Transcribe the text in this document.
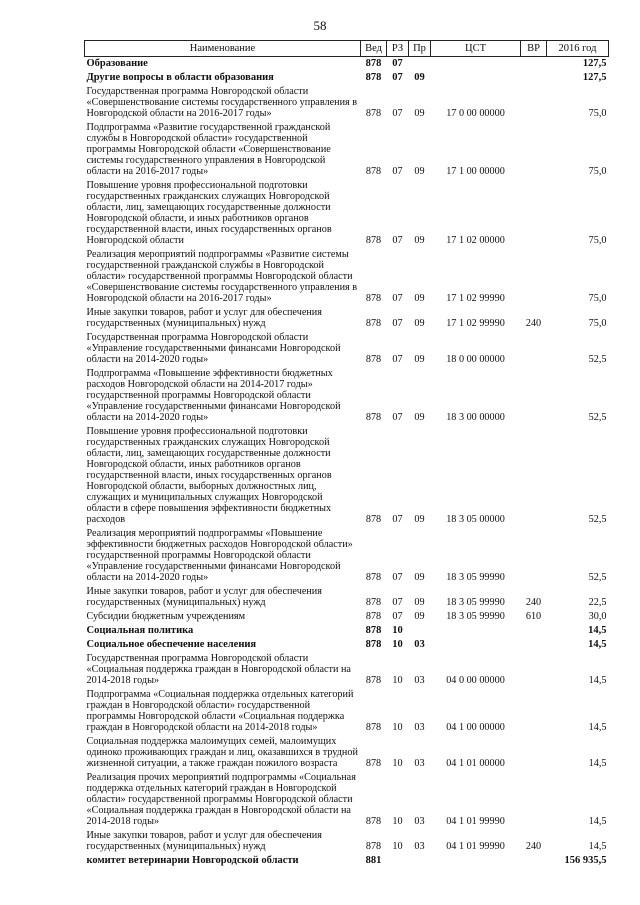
58
Наименование	Вед	РЗ	Пр	ЦСТ	ВР	2016 год
Образование	878	07				127,5
Другие вопросы в области образования	878	07	09			127,5
Государственная программа Новгородской области «Совершенствование системы государственного управления в Новгородской области на 2016-2017 годы»	878	07	09	17 0 00 00000		75,0
Подпрограмма «Развитие государственной гражданской службы в Новгородской области» государственной программы Новгородской области «Совершенствование системы государственного управления в Новгородской области на 2016-2017 годы»	878	07	09	17 1 00 00000		75,0
Повышение уровня профессиональной подготовки государственных гражданских служащих Новгородской области, лиц, замещающих государственные должности Новгородской области, и иных работников органов государственной власти, иных государственных органов Новгородской области	878	07	09	17 1 02 00000		75,0
Реализация мероприятий подпрограммы «Развитие системы государственной гражданской службы в Новгородской области» государственной программы Новгородской области «Совершенствование системы государственного управления в Новгородской области на 2016-2017 годы»	878	07	09	17 1 02 99990		75,0
Иные закупки товаров, работ и услуг для обеспечения государственных (муниципальных) нужд	878	07	09	17 1 02 99990	240	75,0
Государственная программа Новгородской области «Управление государственными финансами Новгородской области на 2014-2020 годы»	878	07	09	18 0 00 00000		52,5
Подпрограмма «Повышение эффективности бюджетных расходов Новгородской области на 2014-2017 годы» государственной программы Новгородской области «Управление государственными финансами Новгородской области на 2014-2020 годы»	878	07	09	18 3 00 00000		52,5
Повышение уровня профессиональной подготовки государственных гражданских служащих Новгородской области, лиц, замещающих государственные должности Новгородской области, иных работников органов государственной власти, иных государственных органов Новгородской области, выборных должностных лиц, служащих и муниципальных служащих Новгородской области в сфере повышения эффективности бюджетных расходов	878	07	09	18 3 05 00000		52,5
Реализация мероприятий подпрограммы «Повышение эффективности бюджетных расходов Новгородской области» государственной программы Новгородской области «Управление государственными финансами Новгородской области на 2014-2020 годы»	878	07	09	18 3 05 99990		52,5
Иные закупки товаров, работ и услуг для обеспечения государственных (муниципальных) нужд	878	07	09	18 3 05 99990	240	22,5
Субсидии бюджетным учреждениям	878	07	09	18 3 05 99990	610	30,0
Социальная политика	878	10				14,5
Социальное обеспечение населения	878	10	03			14,5
Государственная программа Новгородской области «Социальная поддержка граждан в Новгородской области на 2014-2018 годы»	878	10	03	04 0 00 00000		14,5
Подпрограмма «Социальная поддержка отдельных категорий граждан в Новгородской области» государственной программы Новгородской области «Социальная поддержка граждан в Новгородской области на 2014-2018 годы»	878	10	03	04 1 00 00000		14,5
Социальная поддержка малоимущих семей, малоимущих одиноко проживающих граждан и лиц, оказавшихся в трудной жизненной ситуации, а также граждан пожилого возраста	878	10	03	04 1 01 00000		14,5
Реализация прочих мероприятий подпрограммы «Социальная поддержка отдельных категорий граждан в Новгородской области» государственной программы Новгородской области «Социальная поддержка граждан в Новгородской области на 2014-2018 годы»	878	10	03	04 1 01 99990		14,5
Иные закупки товаров, работ и услуг для обеспечения государственных (муниципальных) нужд	878	10	03	04 1 01 99990	240	14,5
комитет ветеринарии Новгородской области	881					156 935,5
